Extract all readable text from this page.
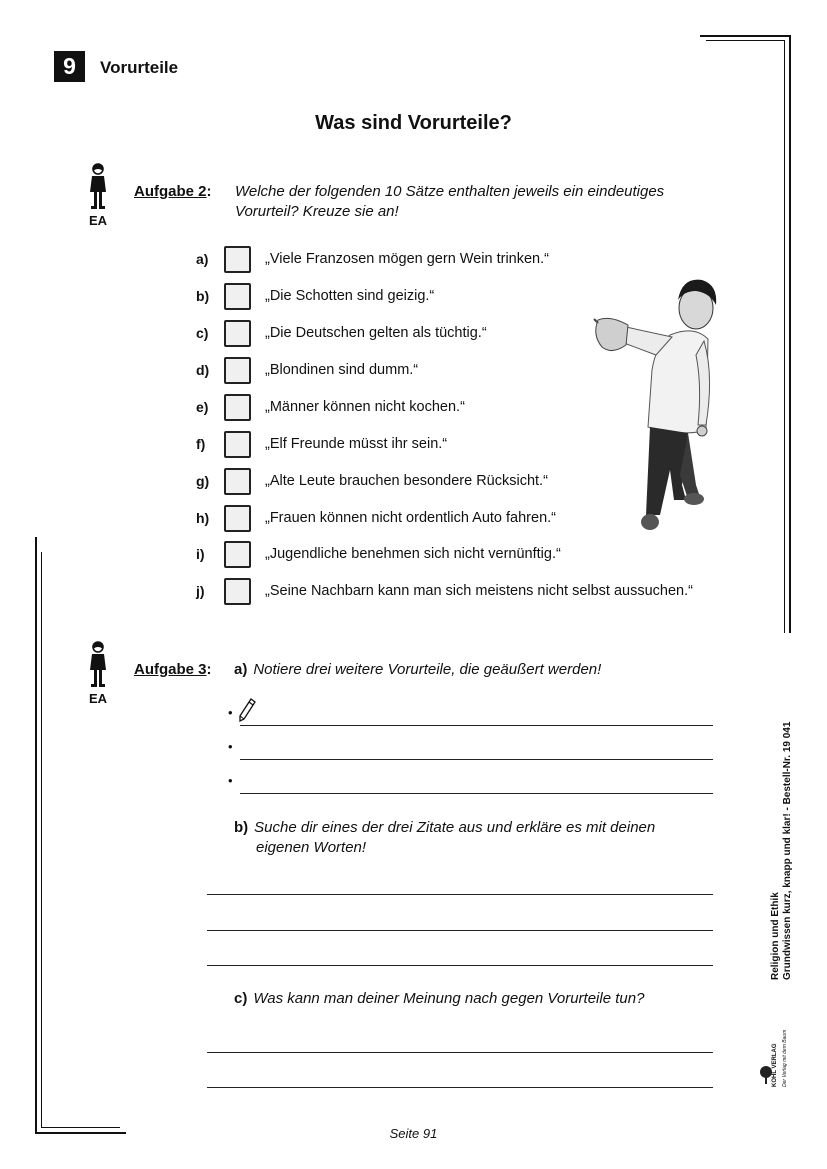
9	Vorurteile
Was sind Vorurteile?
EA
Aufgabe 2: Welche der folgenden 10 Sätze enthalten jeweils ein eindeutiges Vorurteil? Kreuze sie an!
a)	„Viele Franzosen mögen gern Wein trinken.“
b)	„Die Schotten sind geizig.“
c)	„Die Deutschen gelten als tüchtig.“
d)	„Blondinen sind dumm.“
e)	„Männer können nicht kochen.“
f)	„Elf Freunde müsst ihr sein.“
g)	„Alte Leute brauchen besondere Rücksicht.“
h)	„Frauen können nicht ordentlich Auto fahren.“
i)	„Jugendliche benehmen sich nicht vernünftig.“
j)	„Seine Nachbarn kann man sich meistens nicht selbst aussuchen.“
EA
Aufgabe 3: a) Notiere drei weitere Vorurteile, die geäußert werden!
•
•
•
b) Suche dir eines der drei Zitate aus und erkläre es mit deinen
eigenen Worten!
c) Was kann man deiner Meinung nach gegen Vorurteile tun?
Religion und Ethik Grundwissen kurz, knapp und klar! - Bestell-Nr. 19 041
KOHL VERLAG Der Verlag mit dem Baum
Seite 91
